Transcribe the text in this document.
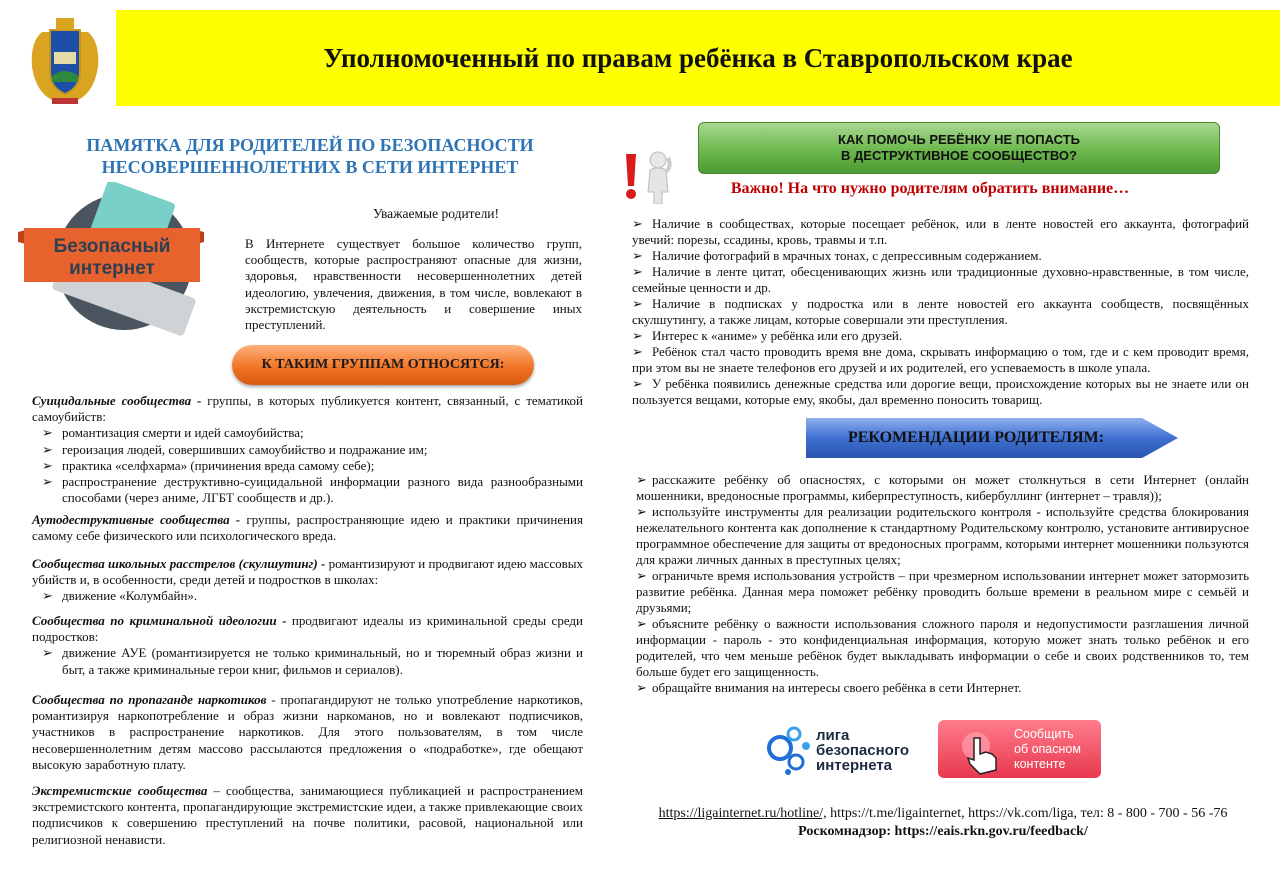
Уполномоченный по правам ребёнка в Ставропольском крае
ПАМЯТКА ДЛЯ РОДИТЕЛЕЙ ПО БЕЗОПАСНОСТИ
НЕСОВЕРШЕННОЛЕТНИХ В СЕТИ ИНТЕРНЕТ
Безопасный
интернет
Уважаемые родители!
В Интернете существует большое количество групп, сообществ, которые распространяют опасные для жизни, здоровья, нравственности несовершеннолетних детей идеологию, увлечения, движения, в том числе, вовлекают в экстремистскую деятельность и совершение иных преступлений.
К ТАКИМ ГРУППАМ ОТНОСЯТСЯ:
Суицидальные сообщества - группы, в которых публикуется контент, связанный, с тематикой самоубийств:
➢ романтизация смерти и идей самоубийства;
➢ героизация людей, совершивших самоубийство и подражание им;
➢ практика «селфхарма» (причинения вреда самому себе);
➢ распространение деструктивно-суицидальной информации разного вида разнообразными способами (через аниме, ЛГБТ сообществ и др.).
Аутодеструктивные сообщества - группы, распространяющие идею и практики причинения самому себе физического или психологического вреда.
Сообщества школьных расстрелов (скулшутинг) - романтизируют и продвигают идею массовых убийств и, в особенности, среди детей и подростков в школах:
➢ движение «Колумбайн».
Сообщества по криминальной идеологии - продвигают идеалы из криминальной среды среди подростков:
➢ движение АУЕ (романтизируется не только криминальный, но и тюремный образ жизни и быт, а также криминальные герои книг, фильмов и сериалов).
Сообщества по пропаганде наркотиков - пропагандируют не только употребление наркотиков, романтизируя наркопотребление и образ жизни наркоманов, но и вовлекают подписчиков, участников в распространение наркотиков. Для этого пользователям, в том числе несовершеннолетним детям массово рассылаются предложения о «подработке», где обещают высокую заработную плату.
Экстремистские сообщества – сообщества, занимающиеся публикацией и распространением экстремистского контента, пропагандирующие экстремистские идеи, а также привлекающие своих подписчиков к совершению преступлений на почве политики, расовой, национальной или религиозной ненависти.
КАК ПОМОЧЬ РЕБЁНКУ НЕ ПОПАСТЬ
В ДЕСТРУКТИВНОЕ СООБЩЕСТВО?
Важно! На что нужно родителям обратить внимание…
➢ Наличие в сообществах, которые посещает ребёнок, или в ленте новостей его аккаунта, фотографий увечий: порезы, ссадины, кровь, травмы и т.п.
➢ Наличие фотографий в мрачных тонах, с депрессивным содержанием.
➢ Наличие в ленте цитат, обесценивающих жизнь или традиционные духовно-нравственные, в том числе, семейные ценности и др.
➢ Наличие в подписках у подростка или в ленте новостей его аккаунта сообществ, посвящённых скулшутингу, а также лицам, которые совершали эти преступления.
➢ Интерес к «аниме» у ребёнка или его друзей.
➢ Ребёнок стал часто проводить время вне дома, скрывать информацию о том, где и с кем проводит время, при этом вы не знаете телефонов его друзей и их родителей, его успеваемость в школе упала.
➢ У ребёнка появились денежные средства или дорогие вещи, происхождение которых вы не знаете или он пользуется вещами, которые ему, якобы, дал временно поносить товарищ.
РЕКОМЕНДАЦИИ РОДИТЕЛЯМ:
➢ расскажите ребёнку об опасностях, с которыми он может столкнуться в сети Интернет (онлайн мошенники, вредоносные программы, киберпреступность, кибербуллинг (интернет – травля));
➢ используйте инструменты для реализации родительского контроля - используйте средства блокирования нежелательного контента как дополнение к стандартному Родительскому контролю, установите антивирусное программное обеспечение для защиты от вредоносных программ, которыми интернет мошенники пользуются для кражи личных данных в преступных целях;
➢ ограничьте время использования устройств – при чрезмерном использовании интернет может затормозить развитие ребёнка. Данная мера поможет ребёнку проводить больше времени в реальном мире с семьёй и друзьями;
➢ объясните ребёнку о важности использования сложного пароля и недопустимости разглашения личной информации - пароль - это конфиденциальная информация, которую может знать только ребёнок и его родителей, что чем меньше ребёнок будет выкладывать информации о себе и своих родственников то, тем больше будет его защищенность.
➢ обращайте внимания на интересы своего ребёнка в сети Интернет.
лига
безопасного
интернета
Сообщить
об опасном
контенте
https://ligainternet.ru/hotline/, https://t.me/ligainternet, https://vk.com/liga, тел: 8 - 800 - 700 - 56 -76
Роскомнадзор: https://eais.rkn.gov.ru/feedback/
